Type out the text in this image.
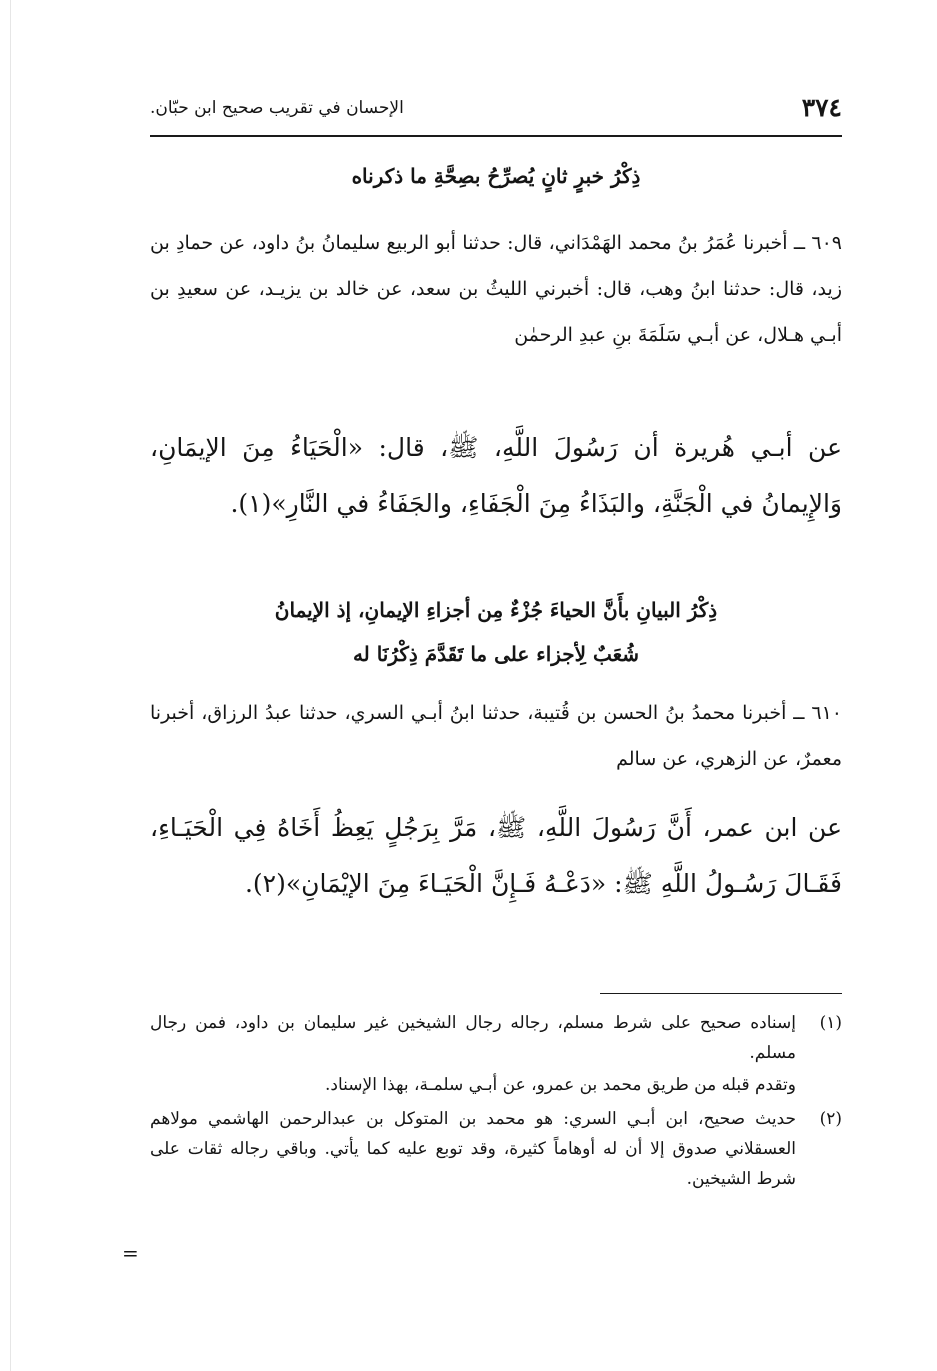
٣٧٤
الإحسان في تقريب صحيح ابن حبّان.
ذِكْرُ خبرٍ ثانٍ يُصرِّحُ بصِحَّةِ ما ذكرناه
٦٠٩ ــ أخبرنا عُمَرُ بنُ محمد الهَمْدَاني، قال: حدثنا أبو الربيع سليمانُ بنُ داود، عن حمادِ بن زيد، قال: حدثنا ابنُ وهب، قال: أخبرني الليثُ بن سعد، عن خالد بن يزيـد، عن سعيدِ بن أبـي هـلال، عن أبـي سَلَمَةَ بنِ عبدِ الرحمٰن
عن أبـي هُريرة أن رَسُولَ اللَّهِ، ﷺ، قال: «الْحَيَاءُ مِنَ الإيمَانِ، وَالإِيمانُ في الْجَنَّةِ، والبَذَاءُ مِنَ الْجَفَاءِ، والجَفَاءُ في النَّارِ»(١).
ذِكْرُ البيانِ بأَنَّ الحياءَ جُزْءٌ مِن أجزاءِ الإيمانِ، إذ الإيمانُ
شُعَبٌ لِأجزاء على ما تَقَدَّمَ ذِكْرُنَا له
٦١٠ ــ أخبرنا محمدُ بنُ الحسن بن قُتيبة، حدثنا ابنُ أبـي السري، حدثنا عبدُ الرزاق، أخبرنا معمرٌ، عن الزهري، عن سالم
عن ابن عمر، أَنَّ رَسُولَ اللَّهِ، ﷺ، مَرَّ بِرَجُلٍ يَعِظُ أَخَاهُ فِي الْحَيَـاءِ، فَقَـالَ رَسُـولُ اللَّهِ ﷺ: «دَعْـهُ فَـإِنَّ الْحَيَـاءَ مِنَ الإيْمَانِ»(٢).

(١)إسناده صحيح على شرط مسلم، رجاله رجال الشيخين غير سليمان بن داود، فمن رجال مسلم.

وتقدم قبله من طريق محمد بن عمرو، عن أبـي سلمـة، بهذا الإسناد.

(٢)حديث صحيح، ابن أبـي السري: هو محمد بن المتوكل بن عبدالرحمن الهاشمي مولاهم العسقلاني صدوق إلا أن له أوهاماً كثيرة، وقد توبع عليه كما يأتي. وباقي رجاله ثقات على شرط الشيخين.

=
